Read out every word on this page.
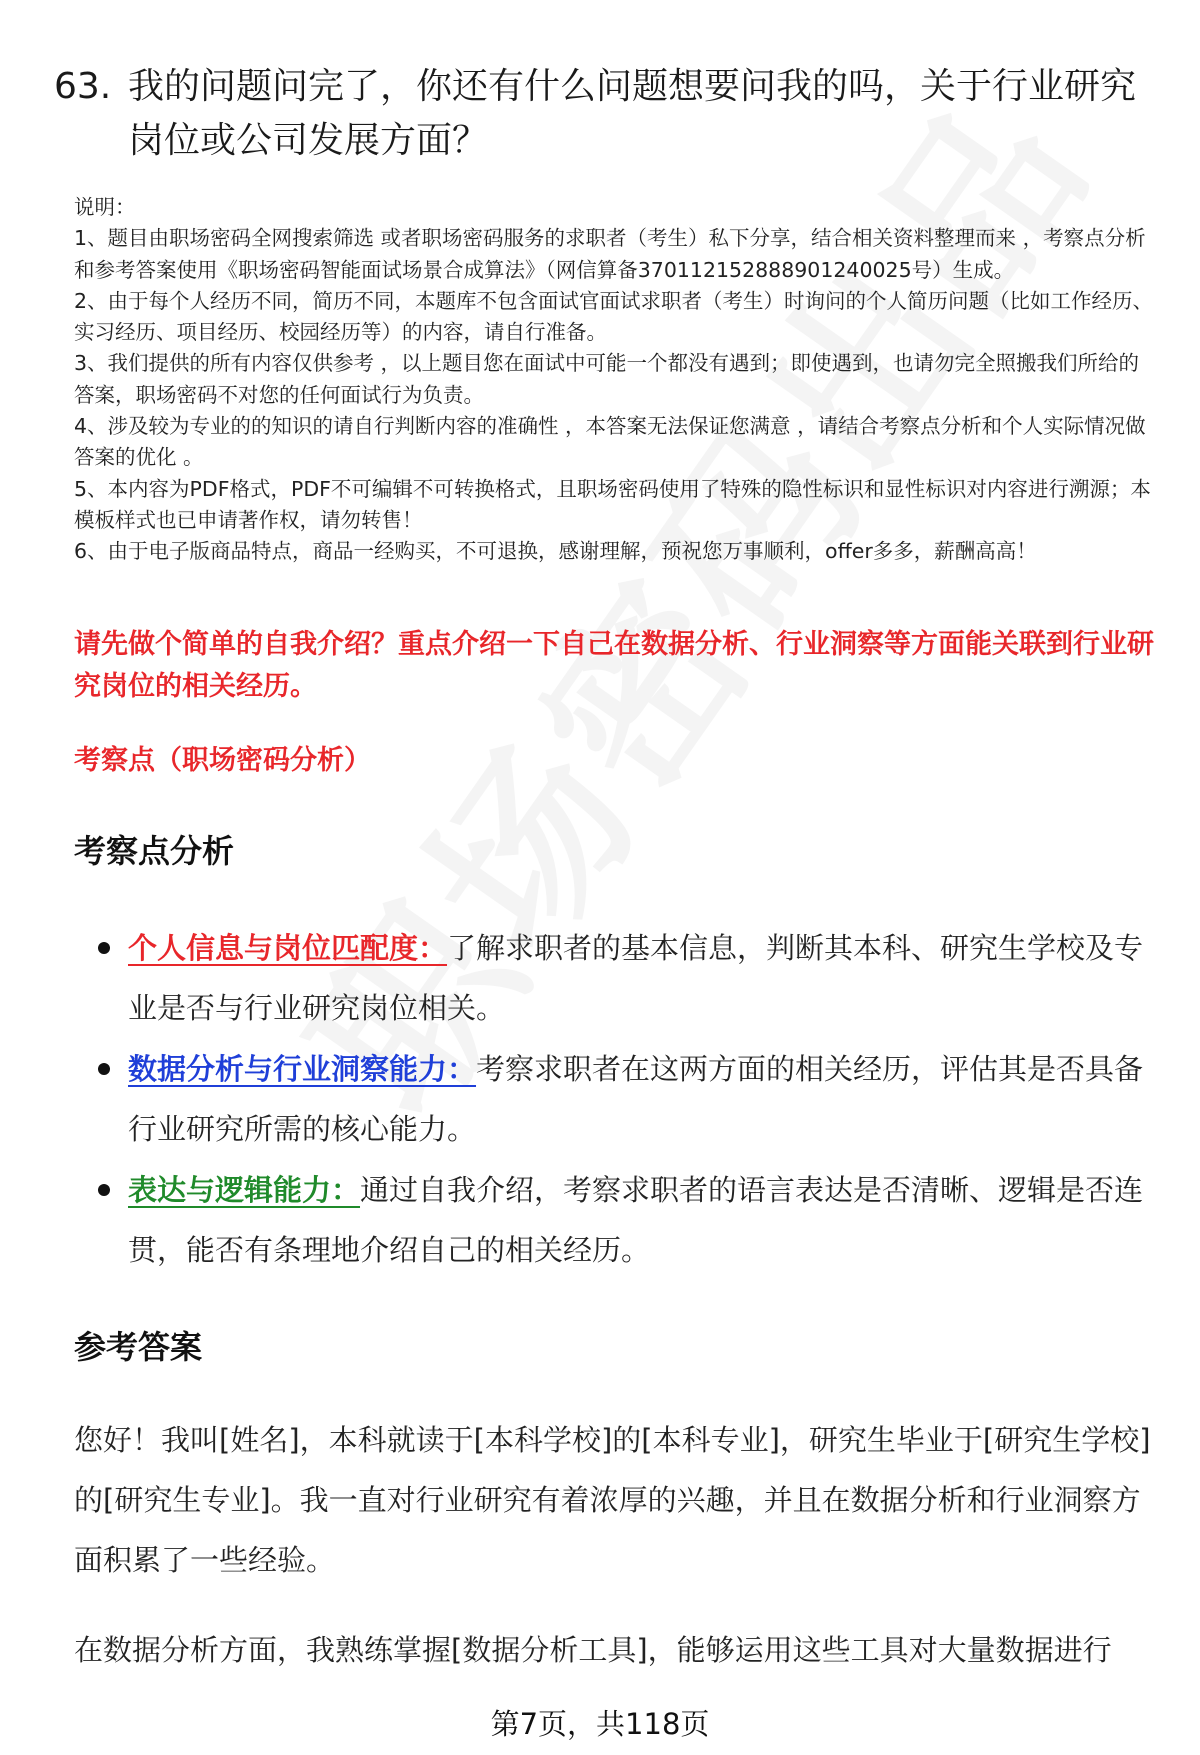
63. 我的问题问完了，你还有什么问题想要问我的吗，关于行业研究岗位或公司发展方面？

说明：

1、题目由职场密码全网搜索筛选 或者职场密码服务的求职者（考生）私下分享，结合相关资料整理而来 ，考察点分析和参考答案使用《职场密码智能面试场景合成算法》（网信算备370112152888901240025号）生成。

2、由于每个人经历不同，简历不同，本题库不包含面试官面试求职者（考生）时询问的个人简历问题（比如工作经历、实习经历、项目经历、校园经历等）的内容，请自行准备。

3、我们提供的所有内容仅供参考 ，以上题目您在面试中可能一个都没有遇到；即使遇到，也请勿完全照搬我们所给的答案，职场密码不对您的任何面试行为负责。

4、涉及较为专业的的知识的请自行判断内容的准确性 ，本答案无法保证您满意 ，请结合考察点分析和个人实际情况做答案的优化 。

5、本内容为PDF格式，PDF不可编辑不可转换格式，且职场密码使用了特殊的隐性标识和显性标识对内容进行溯源；本模板样式也已申请著作权，请勿转售！

6、由于电子版商品特点，商品一经购买，不可退换，感谢理解，预祝您万事顺利，offer多多，薪酬高高！

请先做个简单的自我介绍？重点介绍一下自己在数据分析、行业洞察等方面能关联到行业研究岗位的相关经历。
考察点（职场密码分析）
考察点分析
个人信息与岗位匹配度：了解求职者的基本信息，判断其本科、研究生学校及专业是否与行业研究岗位相关。
数据分析与行业洞察能力：考察求职者在这两方面的相关经历，评估其是否具备行业研究所需的核心能力。
表达与逻辑能力：通过自我介绍，考察求职者的语言表达是否清晰、逻辑是否连贯，能否有条理地介绍自己的相关经历。
参考答案

您好！我叫[姓名]，本科就读于[本科学校]的[本科专业]，研究生毕业于[研究生学校]的[研究生专业]。我一直对行业研究有着浓厚的兴趣，并且在数据分析和行业洞察方面积累了一些经验。

在数据分析方面，我熟练掌握[数据分析工具]，能够运用这些工具对大量数据进行

第7页，共118页
